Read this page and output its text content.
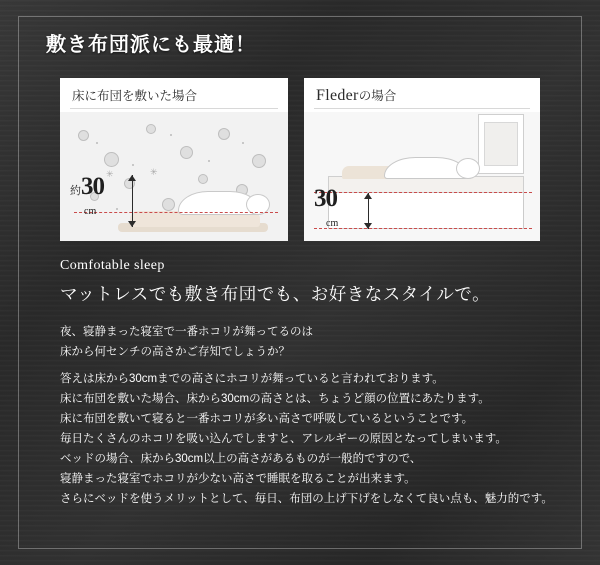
敷き布団派にも最適！
床に布団を敷いた場合
✳
✳
約30
cm
Flederの場合
30
cm
Comfotable sleep
マットレスでも敷き布団でも、お好きなスタイルで。

夜、寝静まった寝室で一番ホコリが舞ってるのは

床から何センチの高さかご存知でしょうか？

答えは床から30cmまでの高さにホコリが舞っていると言われております。

床に布団を敷いた場合、床から30cmの高さとは、ちょうど顔の位置にあたります。

床に布団を敷いて寝ると一番ホコリが多い高さで呼吸しているということです。

毎日たくさんのホコリを吸い込んでしますと、アレルギーの原因となってしまいます。

ベッドの場合、床から30cm以上の高さがあるものが一般的ですので、

寝静まった寝室でホコリが少ない高さで睡眠を取ることが出来ます。

さらにベッドを使うメリットとして、毎日、布団の上げ下げをしなくて良い点も、魅力的です。
